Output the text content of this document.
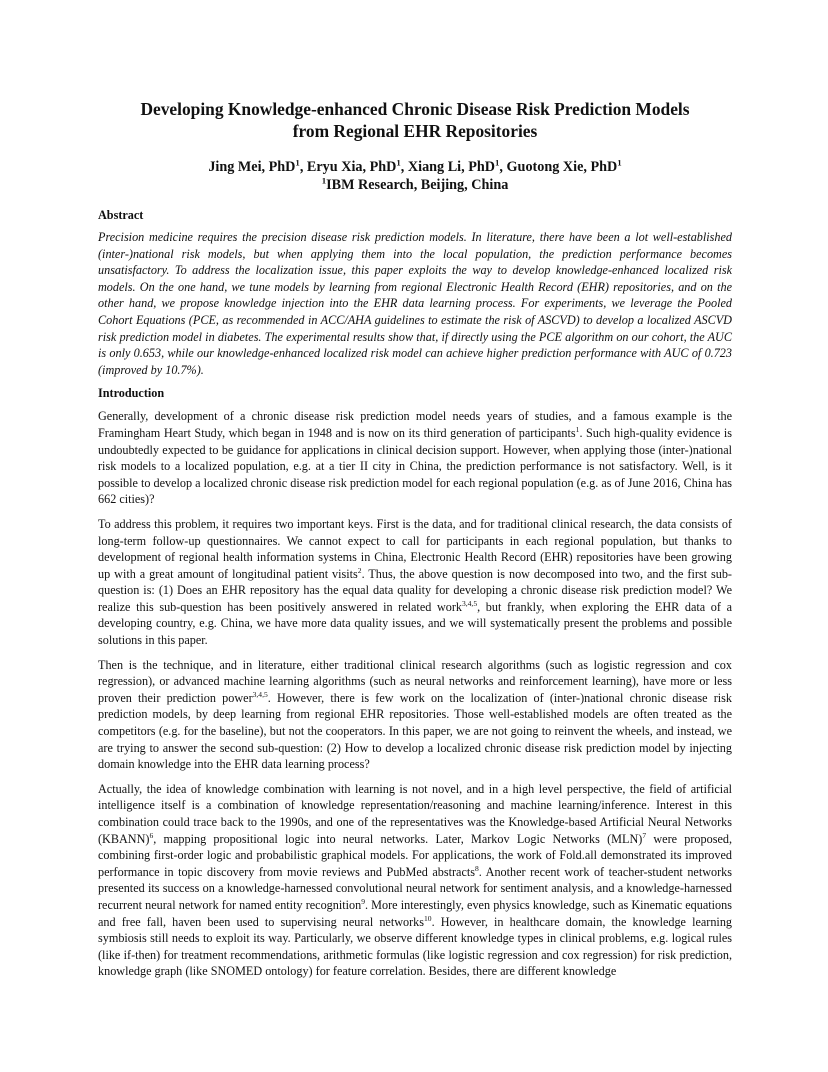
Developing Knowledge-enhanced Chronic Disease Risk Prediction Models
from Regional EHR Repositories
Jing Mei, PhD$^1$, Eryu Xia, PhD$^1$, Xiang Li, PhD$^1$, Guotong Xie, PhD$^1$
$^1$IBM Research, Beijing, China
Abstract

Precision medicine requires the precision disease risk prediction models. In literature, there have been a lot well-established (inter-)national risk models, but when applying them into the local population, the prediction performance becomes unsatisfactory. To address the localization issue, this paper exploits the way to develop knowledge-enhanced localized risk models. On the one hand, we tune models by learning from regional Electronic Health Record (EHR) repositories, and on the other hand, we propose knowledge injection into the EHR data learning process. For experiments, we leverage the Pooled Cohort Equations (PCE, as recommended in ACC/AHA guidelines to estimate the risk of ASCVD) to develop a localized ASCVD risk prediction model in diabetes. The experimental results show that, if directly using the PCE algorithm on our cohort, the AUC is only 0.653, while our knowledge-enhanced localized risk model can achieve higher prediction performance with AUC of 0.723 (improved by 10.7%).

Introduction

Generally, development of a chronic disease risk prediction model needs years of studies, and a famous example is the Framingham Heart Study, which began in 1948 and is now on its third generation of participants$^1$. Such high-quality evidence is undoubtedly expected to be guidance for applications in clinical decision support. However, when applying those (inter-)national risk models to a localized population, e.g. at a tier II city in China, the prediction performance is not satisfactory. Well, is it possible to develop a localized chronic disease risk prediction model for each regional population (e.g. as of June 2016, China has 662 cities)?

To address this problem, it requires two important keys. First is the data, and for traditional clinical research, the data consists of long-term follow-up questionnaires. We cannot expect to call for participants in each regional population, but thanks to development of regional health information systems in China, Electronic Health Record (EHR) repositories have been growing up with a great amount of longitudinal patient visits$^2$. Thus, the above question is now decomposed into two, and the first sub-question is: (1) Does an EHR repository has the equal data quality for developing a chronic disease risk prediction model? We realize this sub-question has been positively answered in related work$^{3,4,5}$, but frankly, when exploring the EHR data of a developing country, e.g. China, we have more data quality issues, and we will systematically present the problems and possible solutions in this paper.

Then is the technique, and in literature, either traditional clinical research algorithms (such as logistic regression and cox regression), or advanced machine learning algorithms (such as neural networks and reinforcement learning), have more or less proven their prediction power$^{3,4,5}$. However, there is few work on the localization of (inter-)national chronic disease risk prediction models, by deep learning from regional EHR repositories. Those well-established models are often treated as the competitors (e.g. for the baseline), but not the cooperators. In this paper, we are not going to reinvent the wheels, and instead, we are trying to answer the second sub-question: (2) How to develop a localized chronic disease risk prediction model by injecting domain knowledge into the EHR data learning process?

Actually, the idea of knowledge combination with learning is not novel, and in a high level perspective, the field of artificial intelligence itself is a combination of knowledge representation/reasoning and machine learning/inference. Interest in this combination could trace back to the 1990s, and one of the representatives was the Knowledge-based Artificial Neural Networks (KBANN)$^6$, mapping propositional logic into neural networks. Later, Markov Logic Networks (MLN)$^7$ were proposed, combining first-order logic and probabilistic graphical models. For applications, the work of Fold.all demonstrated its improved performance in topic discovery from movie reviews and PubMed abstracts$^8$. Another recent work of teacher-student networks presented its success on a knowledge-harnessed convolutional neural network for sentiment analysis, and a knowledge-harnessed recurrent neural network for named entity recognition$^9$. More interestingly, even physics knowledge, such as Kinematic equations and free fall, haven been used to supervising neural networks$^{10}$. However, in healthcare domain, the knowledge learning symbiosis still needs to exploit its way. Particularly, we observe different knowledge types in clinical problems, e.g. logical rules (like if-then) for treatment recommendations, arithmetic formulas (like logistic regression and cox regression) for risk prediction, knowledge graph (like SNOMED ontology) for feature correlation. Besides, there are different knowledge
